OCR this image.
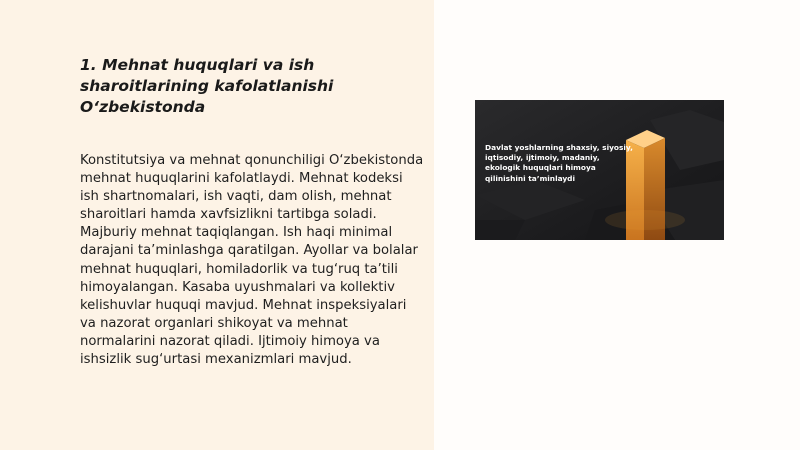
1. Mehnat huquqlari va ish sharoitlarining kafolatlanishi O‘zbekistonda

Konstitutsiya va mehnat qonunchiligi O‘zbekistonda mehnat huquqlarini kafolatlaydi. Mehnat kodeksi ish shartnomalari, ish vaqti, dam olish, mehnat sharoitlari hamda xavfsizlikni tartibga soladi. Majburiy mehnat taqiqlangan. Ish haqi minimal darajani ta’minlashga qaratilgan. Ayollar va bolalar mehnat huquqlari, homiladorlik va tug‘ruq ta’tili himoyalangan. Kasaba uyushmalari va kollektiv kelishuvlar huquqi mavjud. Mehnat inspeksiyalari va nazorat organlari shikoyat va mehnat normalarini nazorat qiladi. Ijtimoiy himoya va ishsizlik sug‘urtasi mexanizmlari mavjud.

Davlat yoshlarning shaxsiy, siyosiy, iqtisodiy, ijtimoiy, madaniy, ekologik huquqlari himoya qilinishini ta’minlaydi
